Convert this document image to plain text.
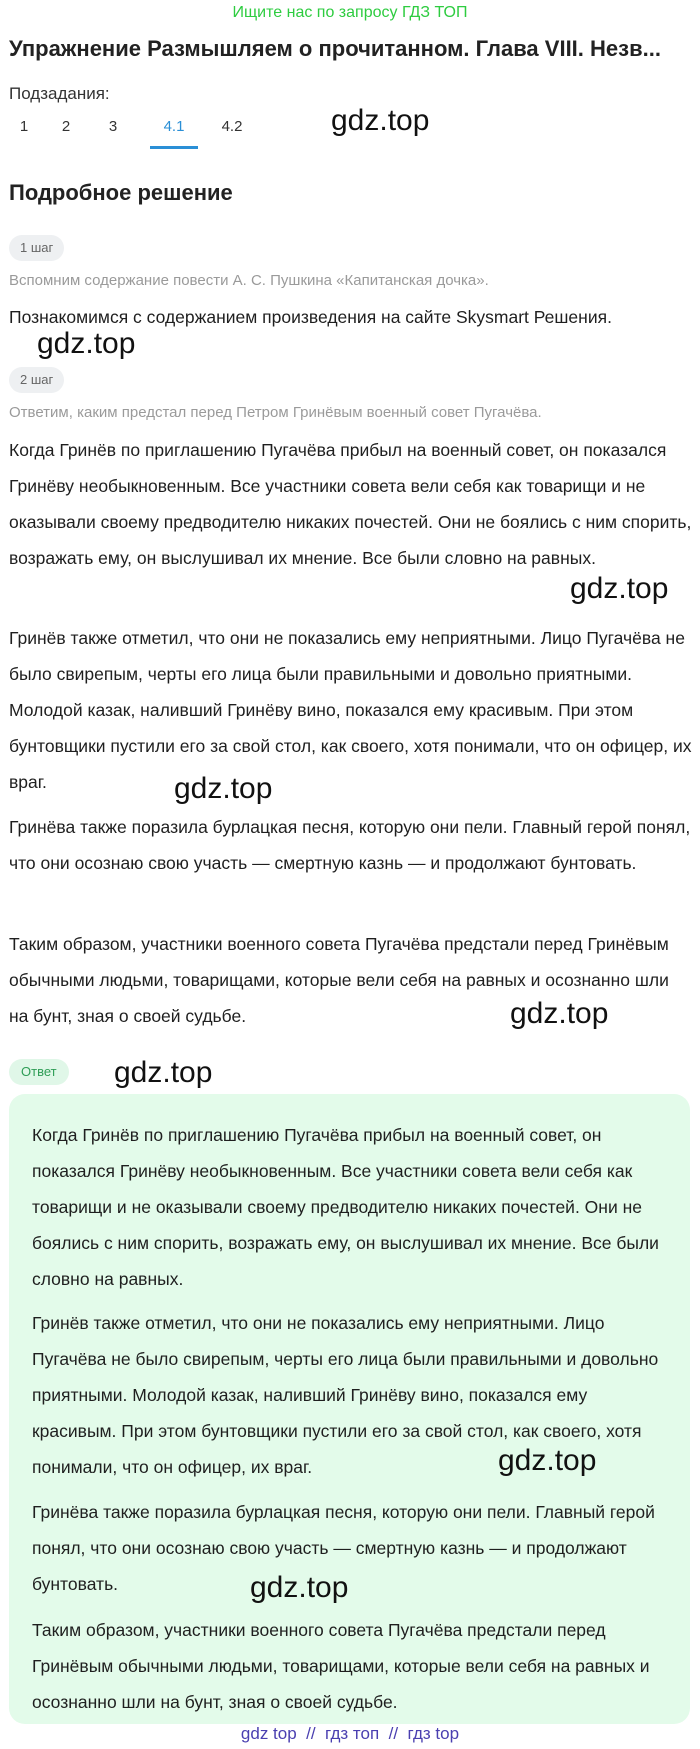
Ищите нас по запросу ГДЗ ТОП
Упражнение Размышляем о прочитанном. Глава VIII. Незв...
Подзадания:
1	2	3	4.1	4.2	gdz.top
Подробное решение
1 шаг
Вспомним содержание повести А. С. Пушкина «Капитанская дочка».
Познакомимся с содержанием произведения на сайте Skysmart Решения.
gdz.top
2 шаг
Ответим, каким предстал перед Петром Гринёвым военный совет Пугачёва.
Когда Гринёв по приглашению Пугачёва прибыл на военный совет, он показался Гринёву необыкновенным. Все участники совета вели себя как товарищи и не оказывали своему предводителю никаких почестей. Они не боялись с ним спорить, возражать ему, он выслушивал их мнение. Все были словно на равных.
gdz.top
Гринёв также отметил, что они не показались ему неприятными. Лицо Пугачёва не было свирепым, черты его лица были правильными и довольно приятными. Молодой казак, наливший Гринёву вино, показался ему красивым. При этом бунтовщики пустили его за свой стол, как своего, хотя понимали, что он офицер, их враг.	gdz.top
Гринёва также поразила бурлацкая песня, которую они пели. Главный герой понял, что они осознаю свою участь — смертную казнь — и продолжают бунтовать.
Таким образом, участники военного совета Пугачёва предстали перед Гринёвым обычными людьми, товарищами, которые вели себя на равных и осознанно шли на бунт, зная о своей судьбе.	gdz.top
Ответ	gdz.top
Когда Гринёв по приглашению Пугачёва прибыл на военный совет, он показался Гринёву необыкновенным. Все участники совета вели себя как товарищи и не оказывали своему предводителю никаких почестей. Они не боялись с ним спорить, возражать ему, он выслушивал их мнение. Все были словно на равных.
Гринёв также отметил, что они не показались ему неприятными. Лицо Пугачёва не было свирепым, черты его лица были правильными и довольно приятными. Молодой казак, наливший Гринёву вино, показался ему красивым. При этом бунтовщики пустили его за свой стол, как своего, хотя понимали, что он офицер, их враг.	gdz.top
Гринёва также поразила бурлацкая песня, которую они пели. Главный герой понял, что они осознаю свою участь — смертную казнь — и продолжают бунтовать.	gdz.top
Таким образом, участники военного совета Пугачёва предстали перед Гринёвым обычными людьми, товарищами, которые вели себя на равных и осознанно шли на бунт, зная о своей судьбе.
gdz top // гдз топ // гдз top
